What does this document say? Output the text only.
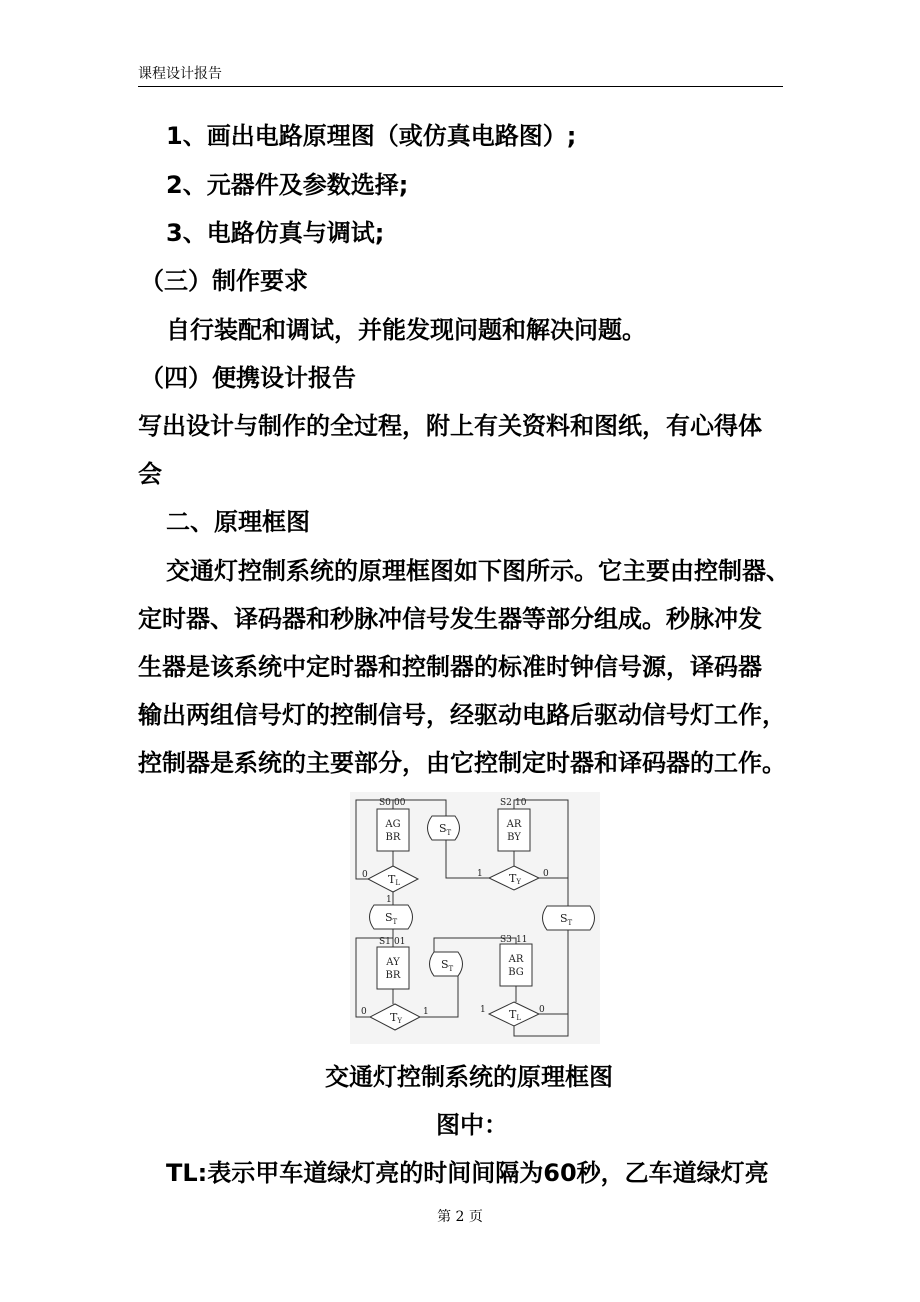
课程设计报告
1、画出电路原理图（或仿真电路图）;
2、元器件及参数选择;
3、电路仿真与调试;
（三）制作要求
自行装配和调试，并能发现问题和解决问题。
（四）便携设计报告
写出设计与制作的全过程，附上有关资料和图纸，有心得体
会
二、原理框图
交通灯控制系统的原理框图如下图所示。它主要由控制器、
定时器、译码器和秒脉冲信号发生器等部分组成。秒脉冲发
生器是该系统中定时器和控制器的标准时钟信号源，译码器
输出两组信号灯的控制信号，经驱动电路后驱动信号灯工作，
控制器是系统的主要部分，由它控制定时器和译码器的工作。
S0 00	S2 10
S1 01	S3 11
AG
BR
AR
BY
AY
BR
AR
BG
$S_T$
$S_T$
$S_T$
$S_T$
TL	TY
TY	TL
0
1
1	0
0	1	1	0
交通灯控制系统的原理框图
图中：
TL:表示甲车道绿灯亮的时间间隔为60秒，乙车道绿灯亮
第 2 页
